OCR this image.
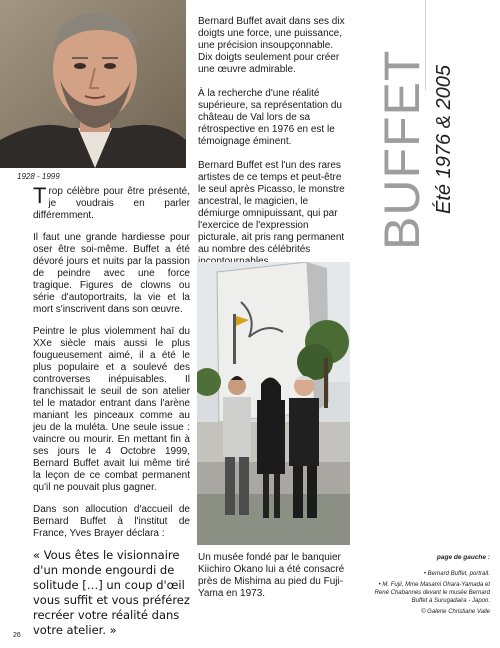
1928 - 1999

Trop célèbre pour être présenté, je voudrais en parler différemment.

Il faut une grande hardiesse pour oser être soi-même. Buffet a été dévoré jours et nuits par la passion de peindre avec une force tragique. Figures de clowns ou série d'autoportraits, la vie et la mort s'inscrivent dans son œuvre.

Peintre le plus violemment haï du XXe siècle mais aussi le plus fougueusement aimé, il a été le plus populaire et a soulevé des controverses inépuisables. Il franchissait le seuil de son atelier tel le matador entrant dans l'arène maniant les pinceaux comme au jeu de la muléta. Une seule issue : vaincre ou mourir. En mettant fin à ses jours le 4 Octobre 1999, Bernard Buffet avait lui même tiré la leçon de ce combat permanent qu'il ne pouvait plus gagner.

Dans son allocution d'accueil de Bernard Buffet à l'institut de France, Yves Brayer déclara :

« Vous êtes le visionnaire d'un monde engourdi de solitude […] un coup d'œil vous suffit et vous préférez recréer votre réalité dans votre atelier. »

Bernard Buffet avait dans ses dix doigts une force, une puissance, une précision insoupçonnable. Dix doigts seulement pour créer une œuvre admirable.

À la recherche d'une réalité supérieure, sa représentation du château de Val lors de sa rétrospective en 1976 en est le témoignage éminent.

Bernard Buffet est l'un des rares artistes de ce temps et peut-être le seul après Picasso, le monstre ancestral, le magicien, le démiurge omnipuissant, qui par l'exercice de l'expression picturale, ait pris rang permanent au nombre des célébrités

Un musée fondé par le banquier Kiichiro Okano lui a été consacré près de Mishima au pied du Fuji-Yama en 1973.
BUFFET Été 1976 & 2005
page de gauche :

• Bernard Buffet, portrait.

• M. Fujii, Mme Masami Ohara-Yamada et René Chabannes devant le musée Bernard Buffet à Surugadaira - Japon.

© Galerie Christiane Valle

26
